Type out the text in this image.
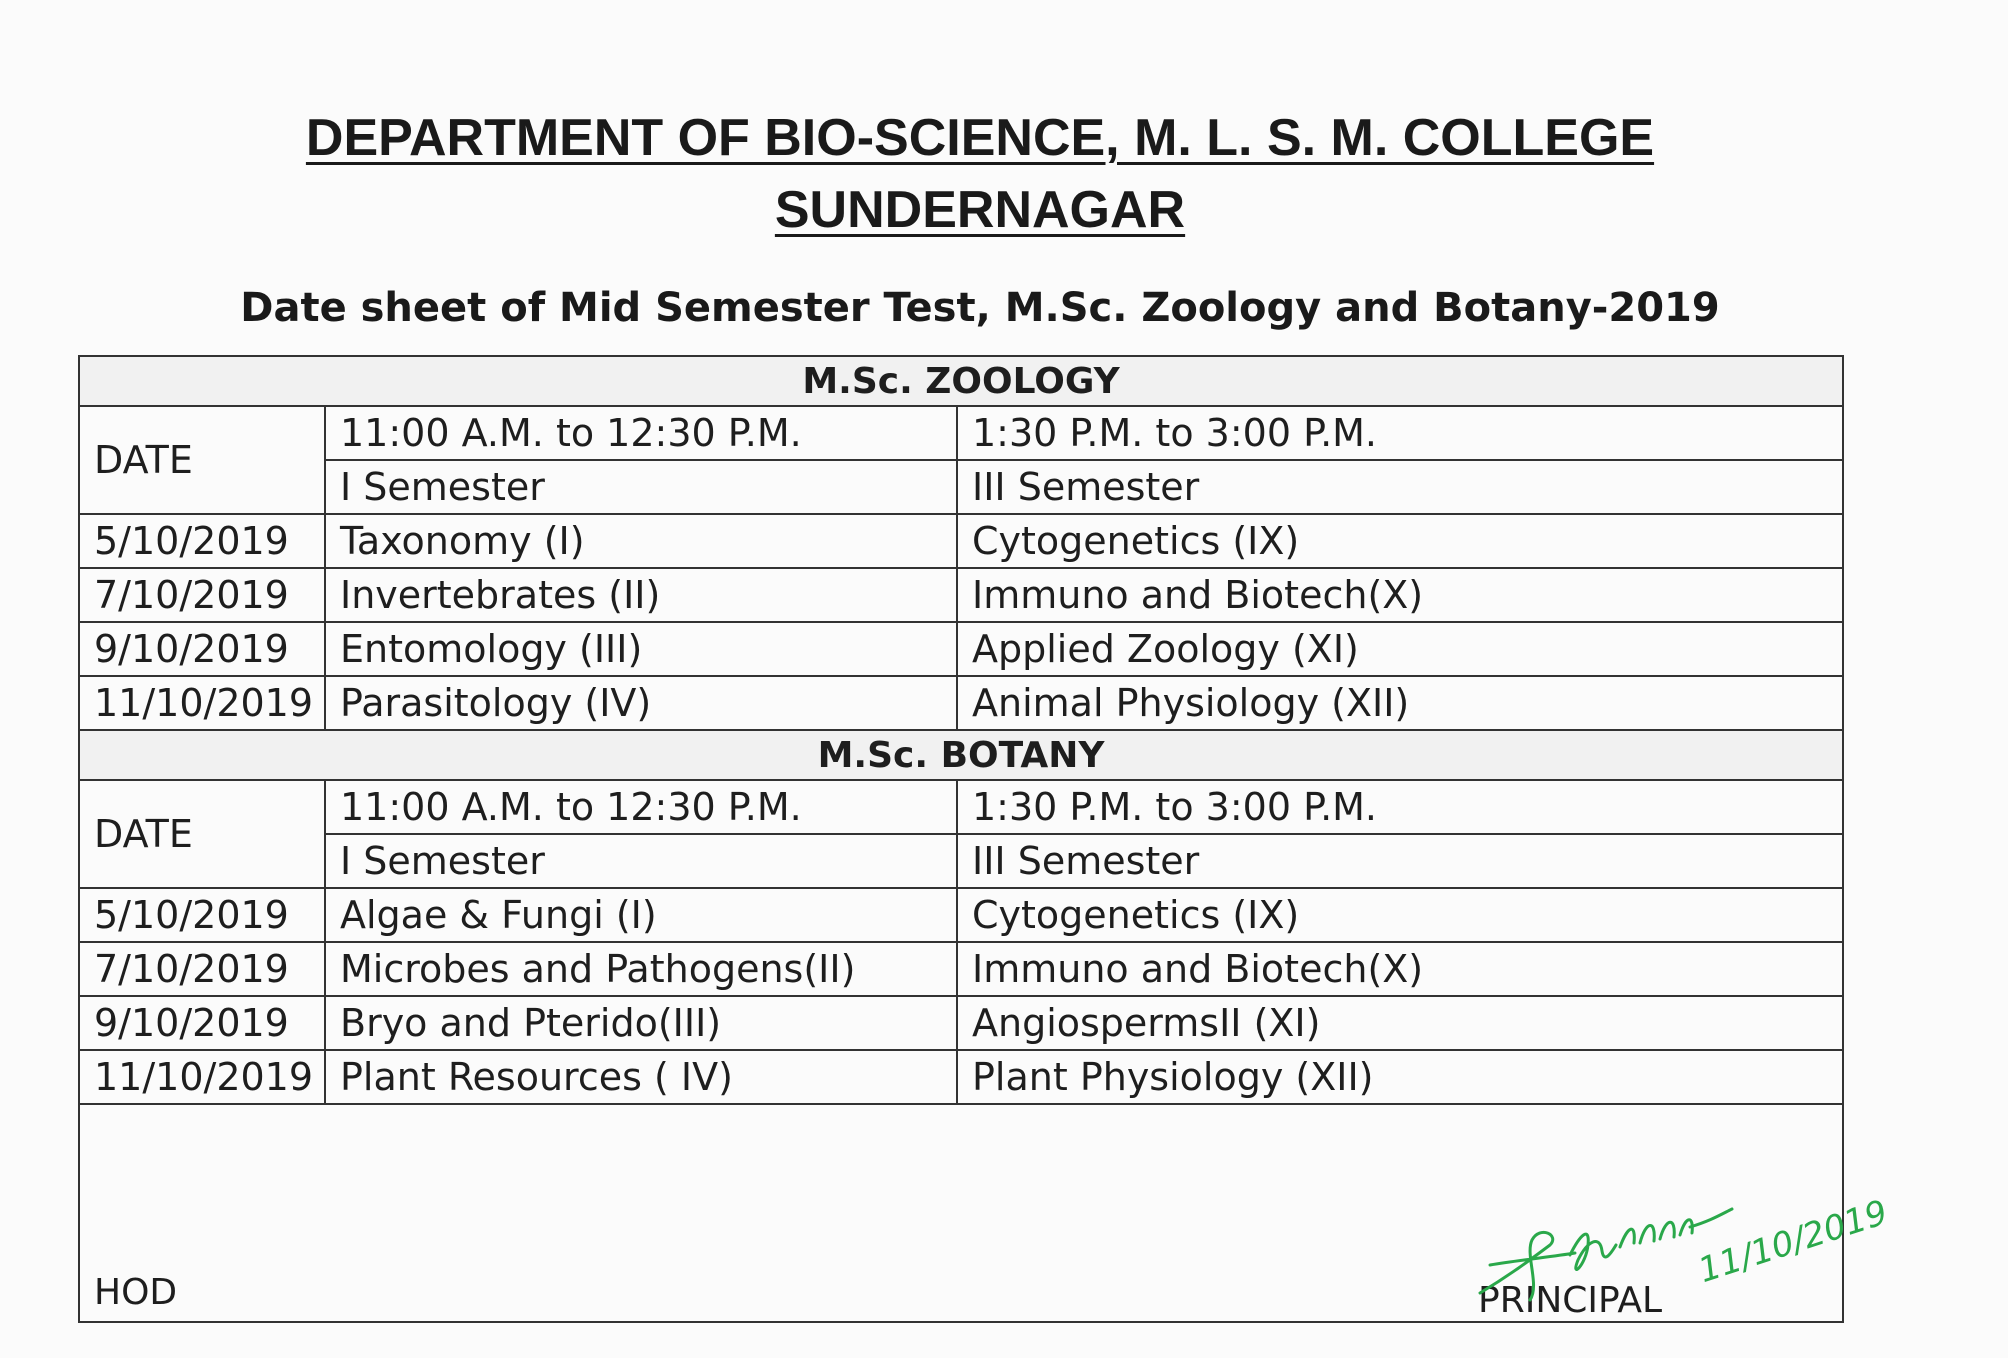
DEPARTMENT OF BIO-SCIENCE, M. L. S. M. COLLEGE
SUNDERNAGAR
Date sheet of Mid Semester Test, M.Sc. Zoology and Botany-2019
M.Sc. ZOOLOGY		
DATE	11:00 A.M. to 12:30 P.M.	1:30 P.M. to 3:00 P.M.
	I Semester	III Semester
5/10/2019	Taxonomy (I)	Cytogenetics (IX)
7/10/2019	Invertebrates (II)	Immuno and Biotech(X)
9/10/2019	Entomology (III)	Applied Zoology (XI)
11/10/2019	Parasitology (IV)	Animal Physiology (XII)
M.Sc. BOTANY		
DATE	11:00 A.M. to 12:30 P.M.	1:30 P.M. to 3:00 P.M.
	I Semester	III Semester
5/10/2019	Algae & Fungi (I)	Cytogenetics (IX)
7/10/2019	Microbes and Pathogens(II)	Immuno and Biotech(X)
9/10/2019	Bryo and Pterido(III)	AngiospermsII (XI)
11/10/2019	Plant Resources ( IV)	Plant Physiology (XII)

HOD PRINCIPAL		
11/10/2019
